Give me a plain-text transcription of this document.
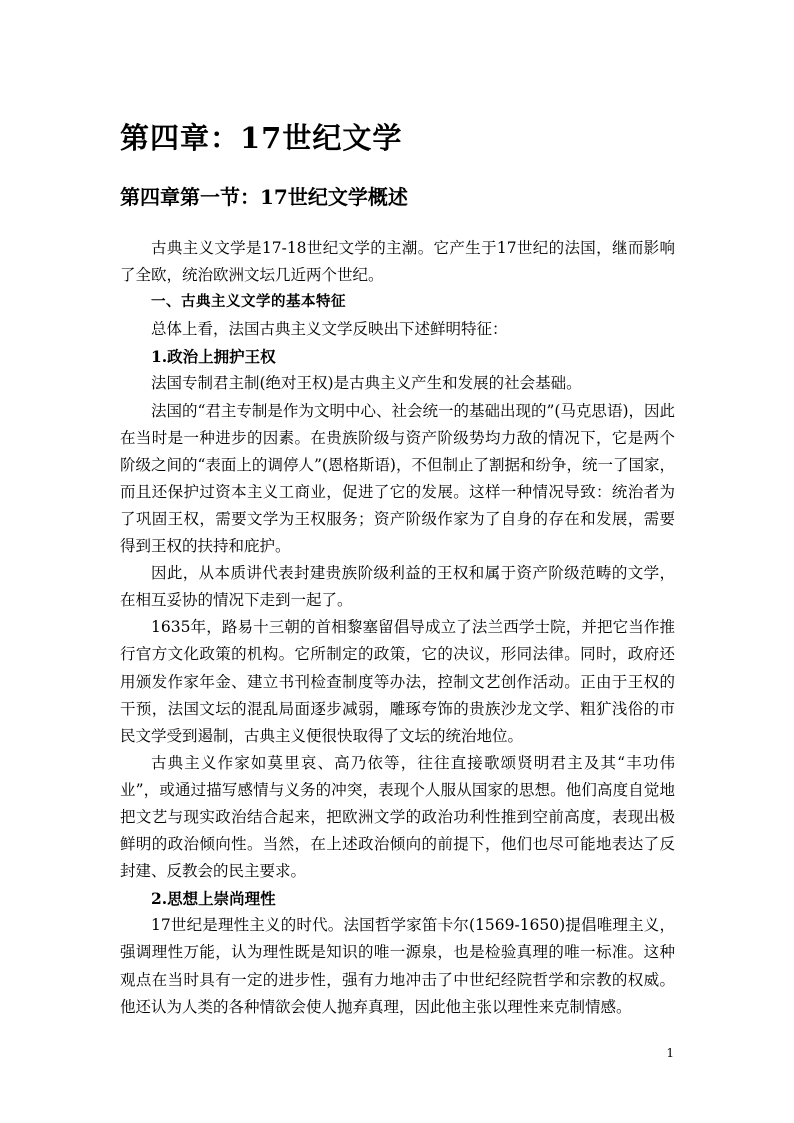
第四章：17世纪文学
第四章第一节：17世纪文学概述

古典主义文学是17-18世纪文学的主潮。它产生于17世纪的法国，继而影响了全欧，统治欧洲文坛几近两个世纪。

一、古典主义文学的基本特征

总体上看，法国古典主义文学反映出下述鲜明特征：

1.政治上拥护王权

法国专制君主制(绝对王权)是古典主义产生和发展的社会基础。

法国的“君主专制是作为文明中心、社会统一的基础出现的”(马克思语)，因此在当时是一种进步的因素。在贵族阶级与资产阶级势均力敌的情况下，它是两个阶级之间的“表面上的调停人”(恩格斯语)，不但制止了割据和纷争，统一了国家，而且还保护过资本主义工商业，促进了它的发展。这样一种情况导致：统治者为了巩固王权，需要文学为王权服务；资产阶级作家为了自身的存在和发展，需要得到王权的扶持和庇护。

因此，从本质讲代表封建贵族阶级利益的王权和属于资产阶级范畴的文学，在相互妥协的情况下走到一起了。

1635年，路易十三朝的首相黎塞留倡导成立了法兰西学士院，并把它当作推行官方文化政策的机构。它所制定的政策，它的决议，形同法律。同时，政府还用颁发作家年金、建立书刊检查制度等办法，控制文艺创作活动。正由于王权的干预，法国文坛的混乱局面逐步减弱，雕琢夸饰的贵族沙龙文学、粗犷浅俗的市民文学受到遏制，古典主义便很快取得了文坛的统治地位。

古典主义作家如莫里哀、高乃依等，往往直接歌颂贤明君主及其“丰功伟业”，或通过描写感情与义务的冲突，表现个人服从国家的思想。他们高度自觉地把文艺与现实政治结合起来，把欧洲文学的政治功利性推到空前高度，表现出极鲜明的政治倾向性。当然，在上述政治倾向的前提下，他们也尽可能地表达了反封建、反教会的民主要求。

2.思想上崇尚理性

17世纪是理性主义的时代。法国哲学家笛卡尔(1569-1650)提倡唯理主义，强调理性万能，认为理性既是知识的唯一源泉，也是检验真理的唯一标准。这种观点在当时具有一定的进步性，强有力地冲击了中世纪经院哲学和宗教的权威。他还认为人类的各种情欲会使人抛弃真理，因此他主张以理性来克制情感。

1
